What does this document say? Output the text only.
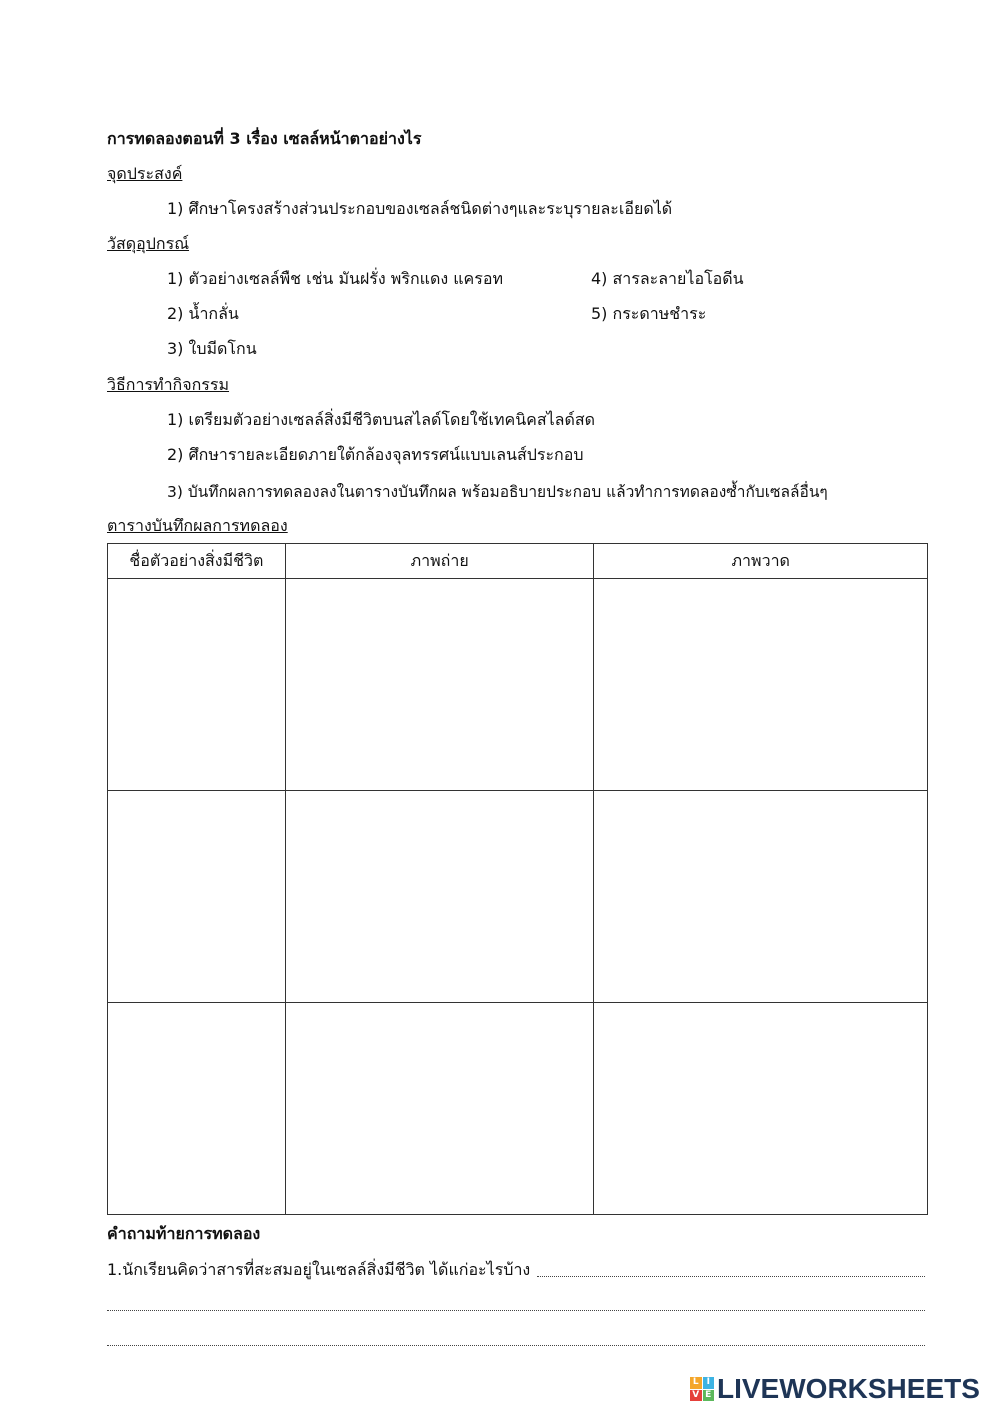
การทดลองตอนที่ 3 เรื่อง เซลล์หน้าตาอย่างไร
จุดประสงค์
1) ศึกษาโครงสร้างส่วนประกอบของเซลล์ชนิดต่างๆและระบุรายละเอียดได้
วัสดุอุปกรณ์
1) ตัวอย่างเซลล์พืช เช่น มันฝรั่ง พริกแดง แครอท	4) สารละลายไอโอดีน
2) น้ำกลั่น	5) กระดาษชำระ
3) ใบมีดโกน
วิธีการทำกิจกรรม
1) เตรียมตัวอย่างเซลล์สิ่งมีชีวิตบนสไลด์โดยใช้เทคนิคสไลด์สด
2) ศึกษารายละเอียดภายใต้กล้องจุลทรรศน์แบบเลนส์ประกอบ
3) บันทึกผลการทดลองลงในตารางบันทึกผล พร้อมอธิบายประกอบ แล้วทำการทดลองซ้ำกับเซลล์อื่นๆ
ตารางบันทึกผลการทดลอง
ชื่อตัวอย่างสิ่งมีชีวิต	ภาพถ่าย	ภาพวาด

คำถามท้ายการทดลอง
1.นักเรียนคิดว่าสารที่สะสมอยู่ในเซลล์สิ่งมีชีวิต ได้แก่อะไรบ้าง
L I
V E LIVEWORKSHEETS
